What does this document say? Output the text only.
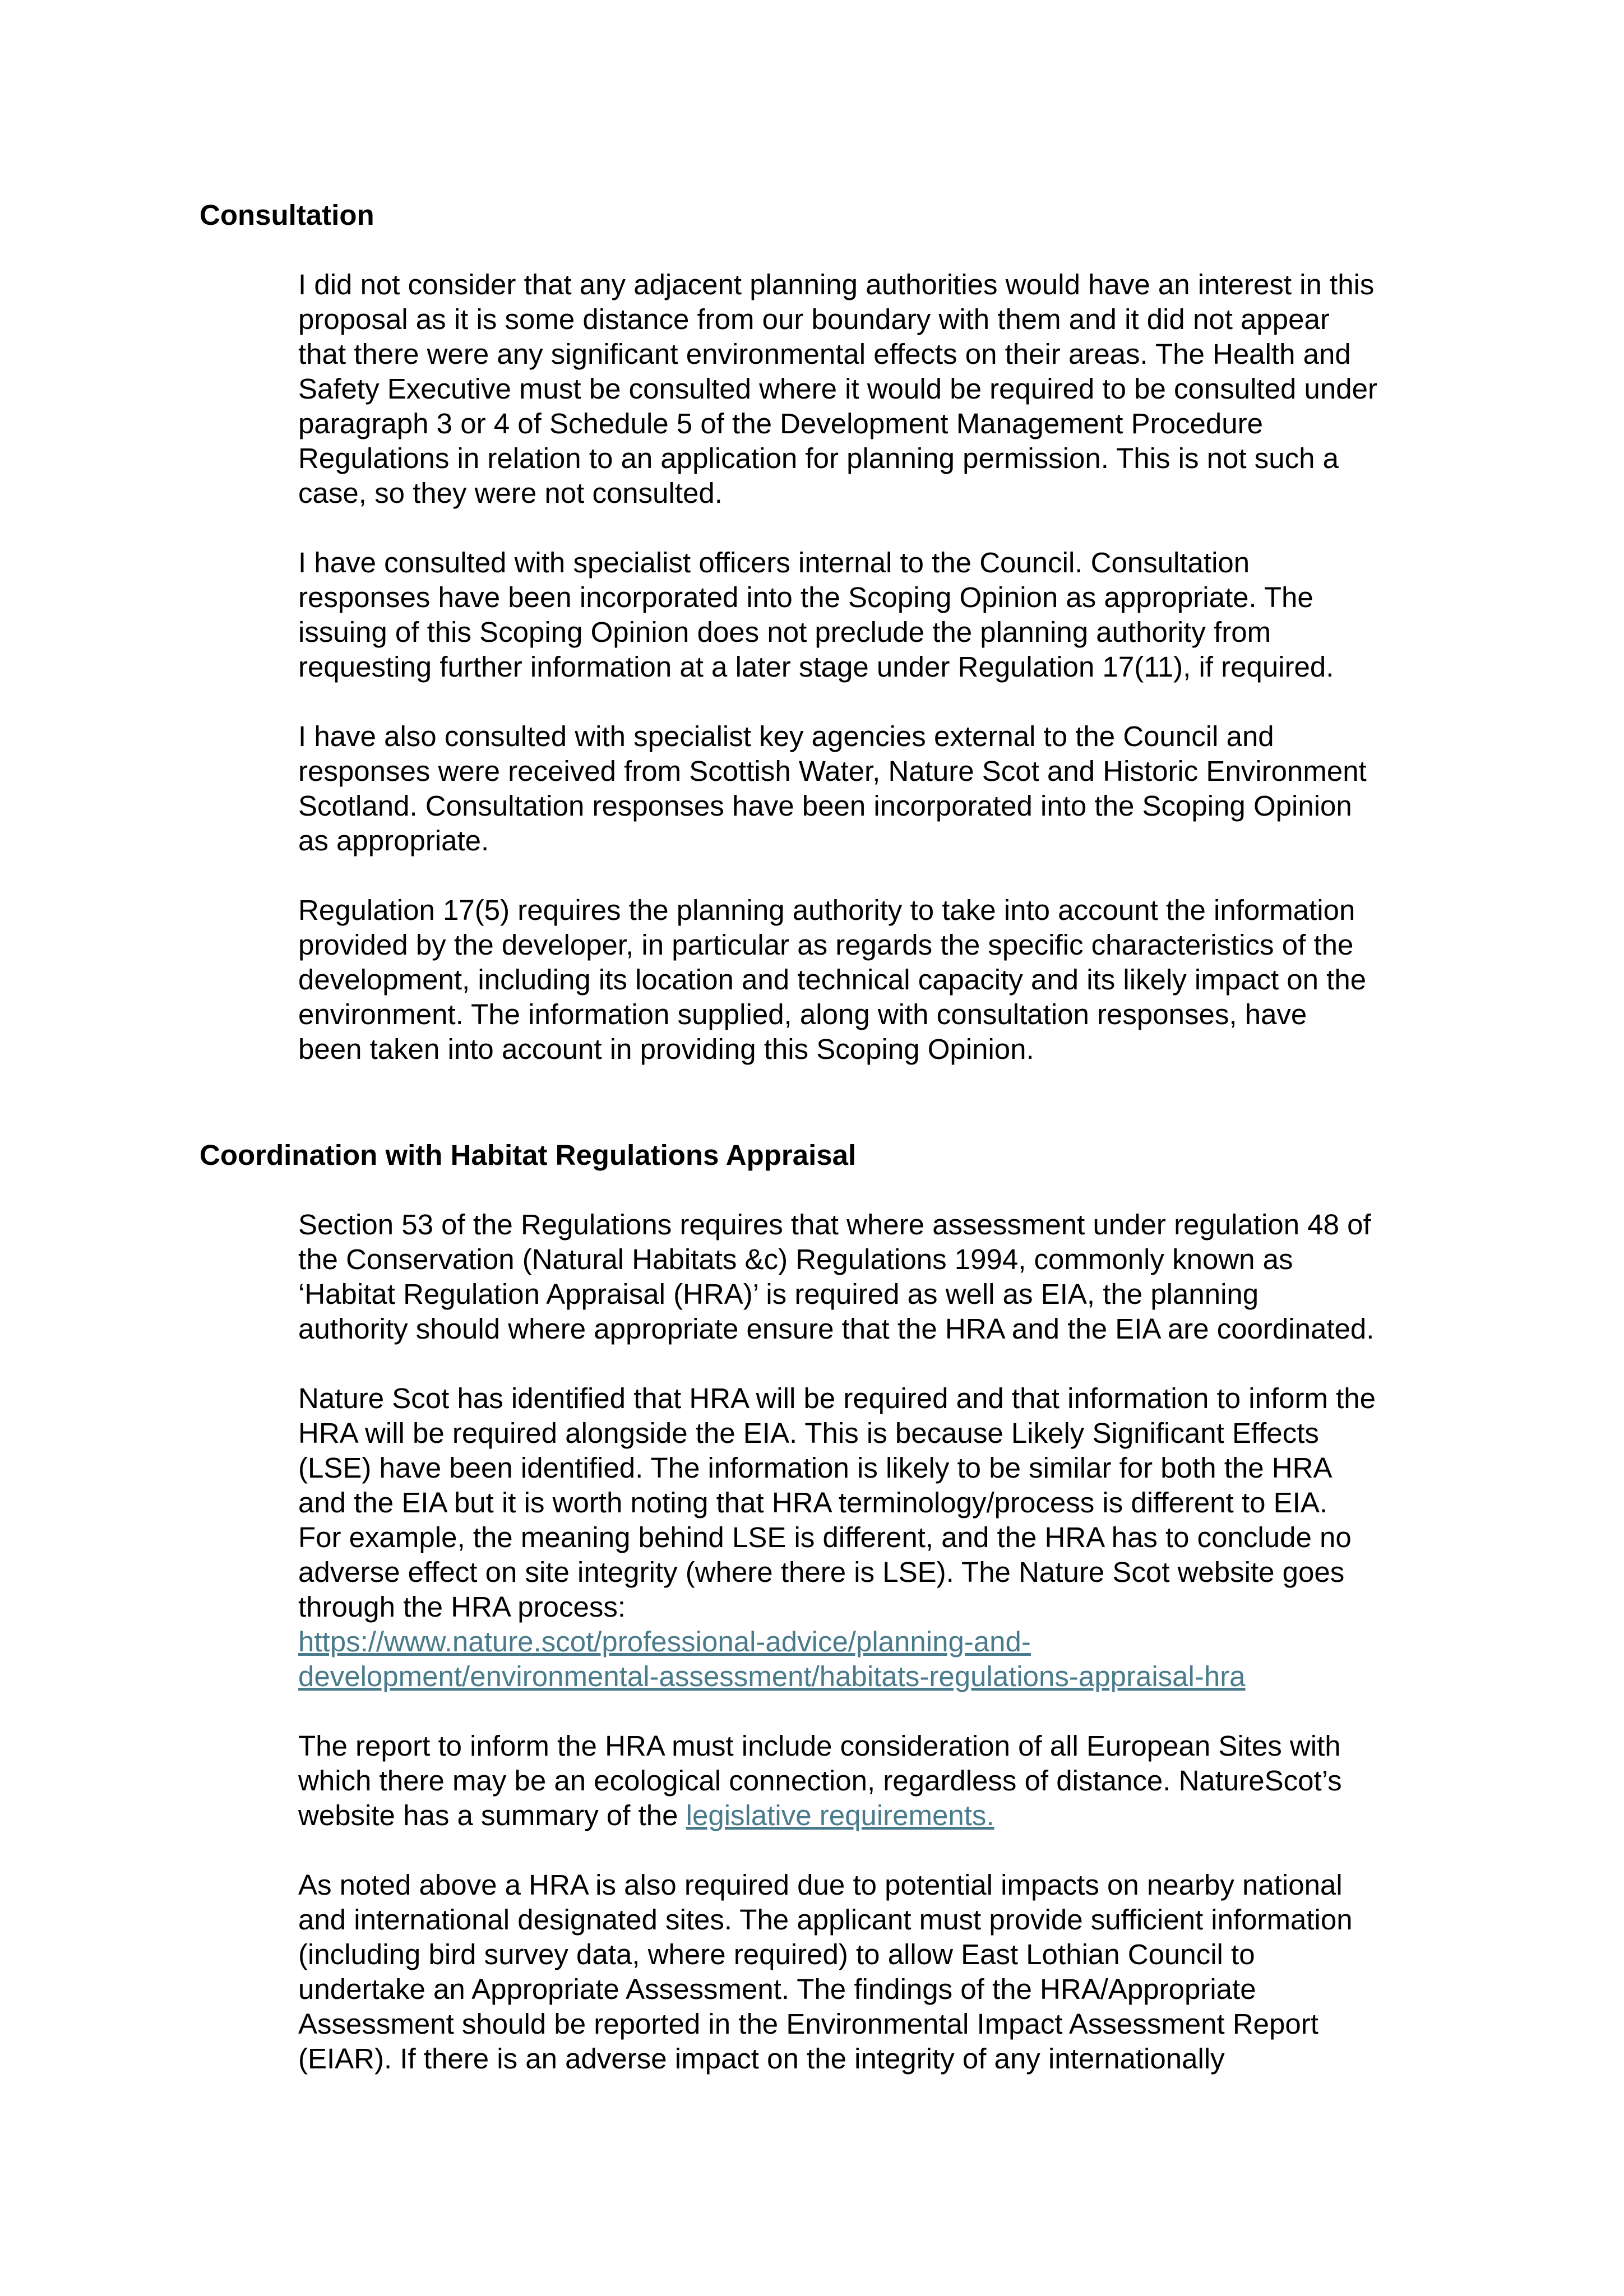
Consultation
I did not consider that any adjacent planning authorities would have an interest in this
proposal as it is some distance from our boundary with them and it did not appear
that there were any significant environmental effects on their areas. The Health and
Safety Executive must be consulted where it would be required to be consulted under
paragraph 3 or 4 of Schedule 5 of the Development Management Procedure
Regulations in relation to an application for planning permission. This is not such a
case, so they were not consulted.
I have consulted with specialist officers internal to the Council. Consultation
responses have been incorporated into the Scoping Opinion as appropriate. The
issuing of this Scoping Opinion does not preclude the planning authority from
requesting further information at a later stage under Regulation 17(11), if required.
I have also consulted with specialist key agencies external to the Council and
responses were received from Scottish Water, Nature Scot and Historic Environment
Scotland. Consultation responses have been incorporated into the Scoping Opinion
as appropriate.
Regulation 17(5) requires the planning authority to take into account the information
provided by the developer, in particular as regards the specific characteristics of the
development, including its location and technical capacity and its likely impact on the
environment. The information supplied, along with consultation responses, have
been taken into account in providing this Scoping Opinion.
Coordination with Habitat Regulations Appraisal
Section 53 of the Regulations requires that where assessment under regulation 48 of
the Conservation (Natural Habitats &c) Regulations 1994, commonly known as
‘Habitat Regulation Appraisal (HRA)’ is required as well as EIA, the planning
authority should where appropriate ensure that the HRA and the EIA are coordinated.
Nature Scot has identified that HRA will be required and that information to inform the
HRA will be required alongside the EIA. This is because Likely Significant Effects
(LSE) have been identified. The information is likely to be similar for both the HRA
and the EIA but it is worth noting that HRA terminology/process is different to EIA.
For example, the meaning behind LSE is different, and the HRA has to conclude no
adverse effect on site integrity (where there is LSE). The Nature Scot website goes
through the HRA process:
https://www.nature.scot/professional-advice/planning-and-
development/environmental-assessment/habitats-regulations-appraisal-hra
The report to inform the HRA must include consideration of all European Sites with
which there may be an ecological connection, regardless of distance. NatureScot’s
website has a summary of the legislative requirements.
As noted above a HRA is also required due to potential impacts on nearby national
and international designated sites. The applicant must provide sufficient information
(including bird survey data, where required) to allow East Lothian Council to
undertake an Appropriate Assessment. The findings of the HRA/Appropriate
Assessment should be reported in the Environmental Impact Assessment Report
(EIAR). If there is an adverse impact on the integrity of any internationally
